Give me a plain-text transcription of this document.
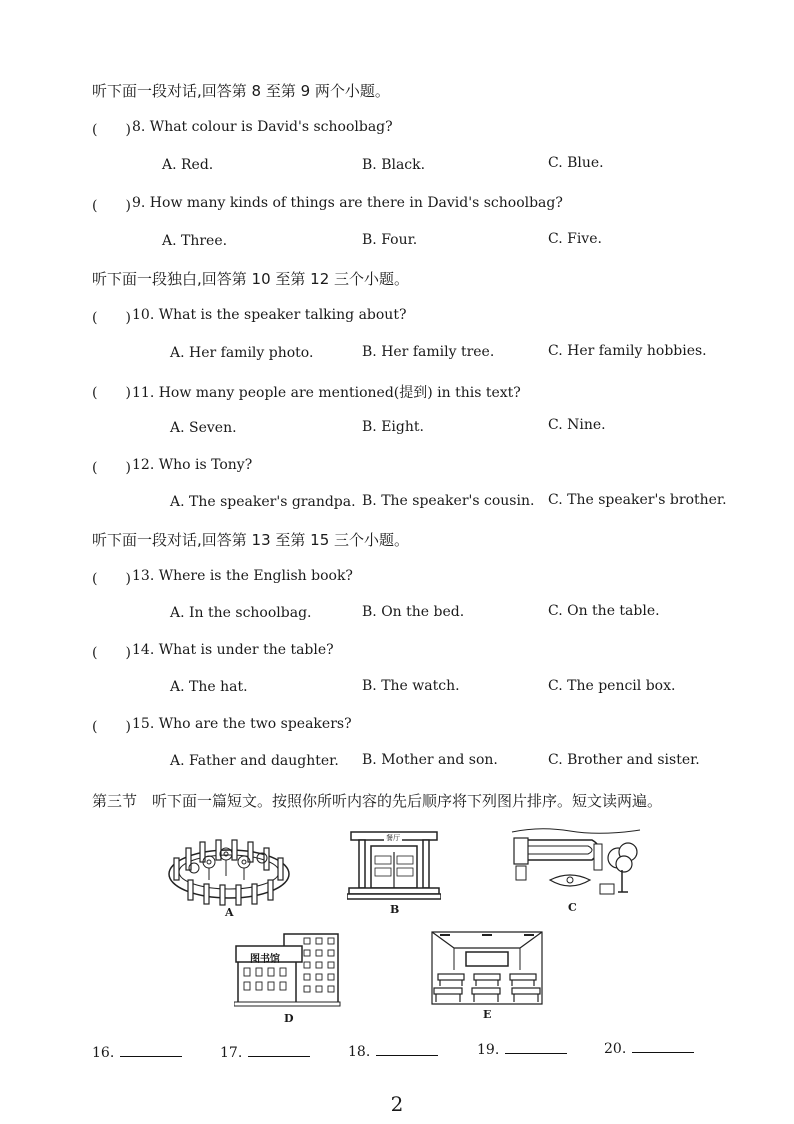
听下面一段对话,回答第 8 至第 9 两个小题。
(　　) 8. What colour is David's schoolbag?
A. Red.	B. Black.	C. Blue.
(　　) 9. How many kinds of things are there in David's schoolbag?
A. Three.	B. Four.	C. Five.
听下面一段独白,回答第 10 至第 12 三个小题。
(　　) 10. What is the speaker talking about?
A. Her family photo.	B. Her family tree.	C. Her family hobbies.
(　　) 11. How many people are mentioned(提到) in this text?
A. Seven.	B. Eight.	C. Nine.
(　　) 12. Who is Tony?
A. The speaker's grandpa. B. The speaker's cousin. C. The speaker's brother.
听下面一段对话,回答第 13 至第 15 三个小题。
(　　) 13. Where is the English book?
A. In the schoolbag.	B. On the bed.	C. On the table.
(　　) 14. What is under the table?
A. The hat.	B. The watch.	C. The pencil box.
(　　) 15. Who are the two speakers?
A. Father and daughter. B. Mother and son.	C. Brother and sister.
第三节　听下面一篇短文。按照你所听内容的先后顺序将下列图片排序。短文读两遍。
A
餐厅
B	C
图书馆
D	E
16.	17.	18.	19.	20.
2
